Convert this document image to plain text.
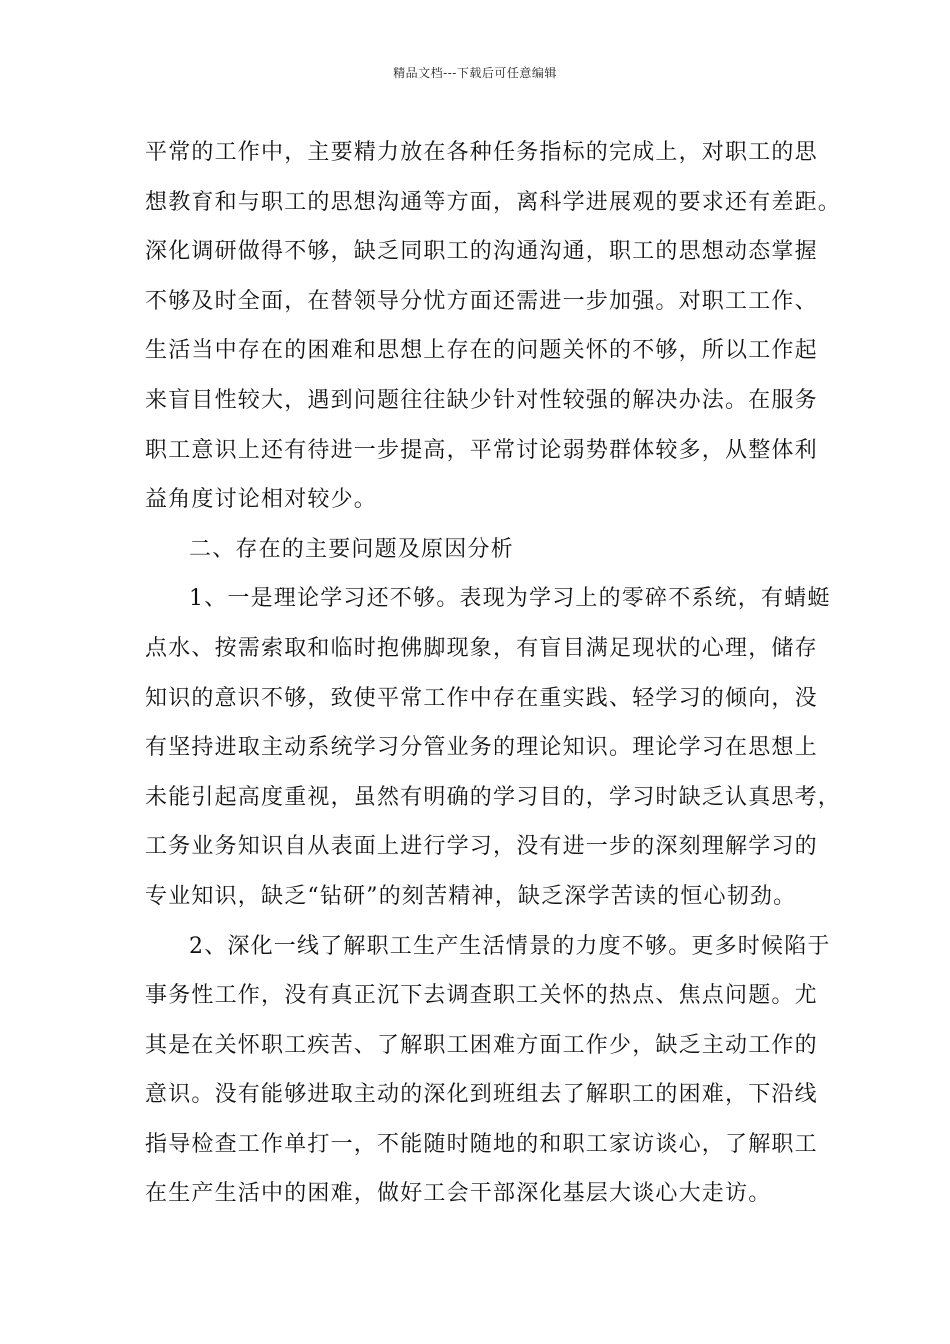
精品文档---下载后可任意编辑
平常的工作中，主要精力放在各种任务指标的完成上，对职工的思
想教育和与职工的思想沟通等方面，离科学进展观的要求还有差距。
深化调研做得不够，缺乏同职工的沟通沟通，职工的思想动态掌握
不够及时全面，在替领导分忧方面还需进一步加强。对职工工作、
生活当中存在的困难和思想上存在的问题关怀的不够，所以工作起
来盲目性较大，遇到问题往往缺少针对性较强的解决办法。在服务
职工意识上还有待进一步提高，平常讨论弱势群体较多，从整体利
益角度讨论相对较少。
二、存在的主要问题及原因分析
1、一是理论学习还不够。表现为学习上的零碎不系统，有蜻蜓
点水、按需索取和临时抱佛脚现象，有盲目满足现状的心理，储存
知识的意识不够，致使平常工作中存在重实践、轻学习的倾向，没
有坚持进取主动系统学习分管业务的理论知识。理论学习在思想上
未能引起高度重视，虽然有明确的学习目的，学习时缺乏认真思考，
工务业务知识自从表面上进行学习，没有进一步的深刻理解学习的
专业知识，缺乏“钻研”的刻苦精神，缺乏深学苦读的恒心韧劲。
2、深化一线了解职工生产生活情景的力度不够。更多时候陷于
事务性工作，没有真正沉下去调查职工关怀的热点、焦点问题。尤
其是在关怀职工疾苦、了解职工困难方面工作少，缺乏主动工作的
意识。没有能够进取主动的深化到班组去了解职工的困难，下沿线
指导检查工作单打一，不能随时随地的和职工家访谈心，了解职工
在生产生活中的困难，做好工会干部深化基层大谈心大走访。
